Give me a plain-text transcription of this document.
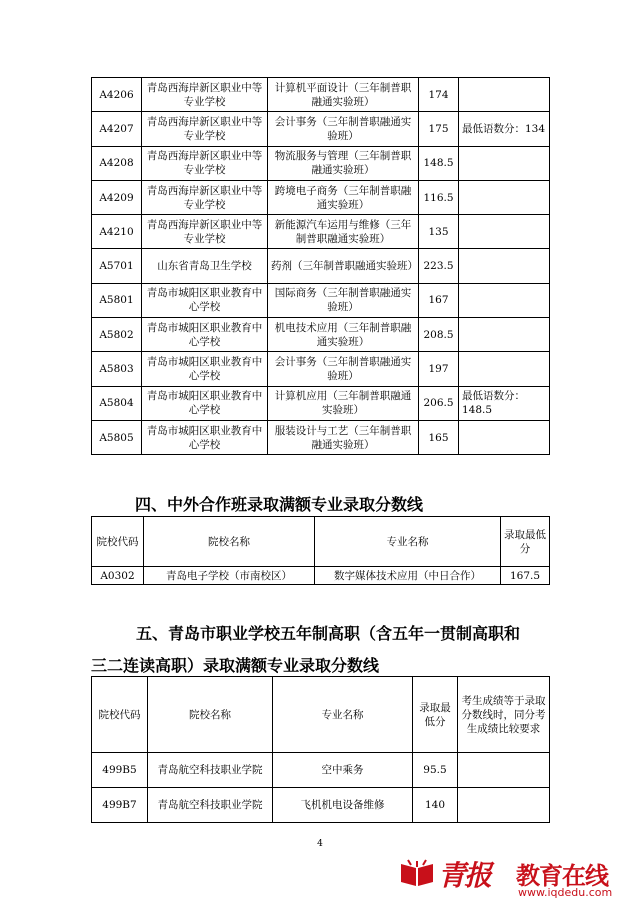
A4206	青岛西海岸新区职业中等专业学校	计算机平面设计（三年制普职融通实验班）	174	
A4207	青岛西海岸新区职业中等专业学校	会计事务（三年制普职融通实验班）	175	最低语数分：134
A4208	青岛西海岸新区职业中等专业学校	物流服务与管理（三年制普职融通实验班）	148.5	
A4209	青岛西海岸新区职业中等专业学校	跨境电子商务（三年制普职融通实验班）	116.5	
A4210	青岛西海岸新区职业中等专业学校	新能源汽车运用与维修（三年制普职融通实验班）	135	
A5701	山东省青岛卫生学校	药剂（三年制普职融通实验班）	223.5	
A5801	青岛市城阳区职业教育中心学校	国际商务（三年制普职融通实验班）	167	
A5802	青岛市城阳区职业教育中心学校	机电技术应用（三年制普职融通实验班）	208.5	
A5803	青岛市城阳区职业教育中心学校	会计事务（三年制普职融通实验班）	197	
A5804	青岛市城阳区职业教育中心学校	计算机应用（三年制普职融通实验班）	206.5	最低语数分：148.5
A5805	青岛市城阳区职业教育中心学校	服装设计与工艺（三年制普职融通实验班）	165	
四、中外合作班录取满额专业录取分数线
院校代码	院校名称	专业名称	录取最低分
A0302	青岛电子学校（市南校区）	数字媒体技术应用（中日合作）	167.5
五、青岛市职业学校五年制高职（含五年一贯制高职和
三二连读高职）录取满额专业录取分数线
院校代码	院校名称	专业名称	录取最低分	考生成绩等于录取分数线时，同分考生成绩比较要求
499B5	青岛航空科技职业学院	空中乘务	95.5	
499B7	青岛航空科技职业学院	飞机机电设备维修	140	
4
青报 教育在线
www.iqdedu.com
